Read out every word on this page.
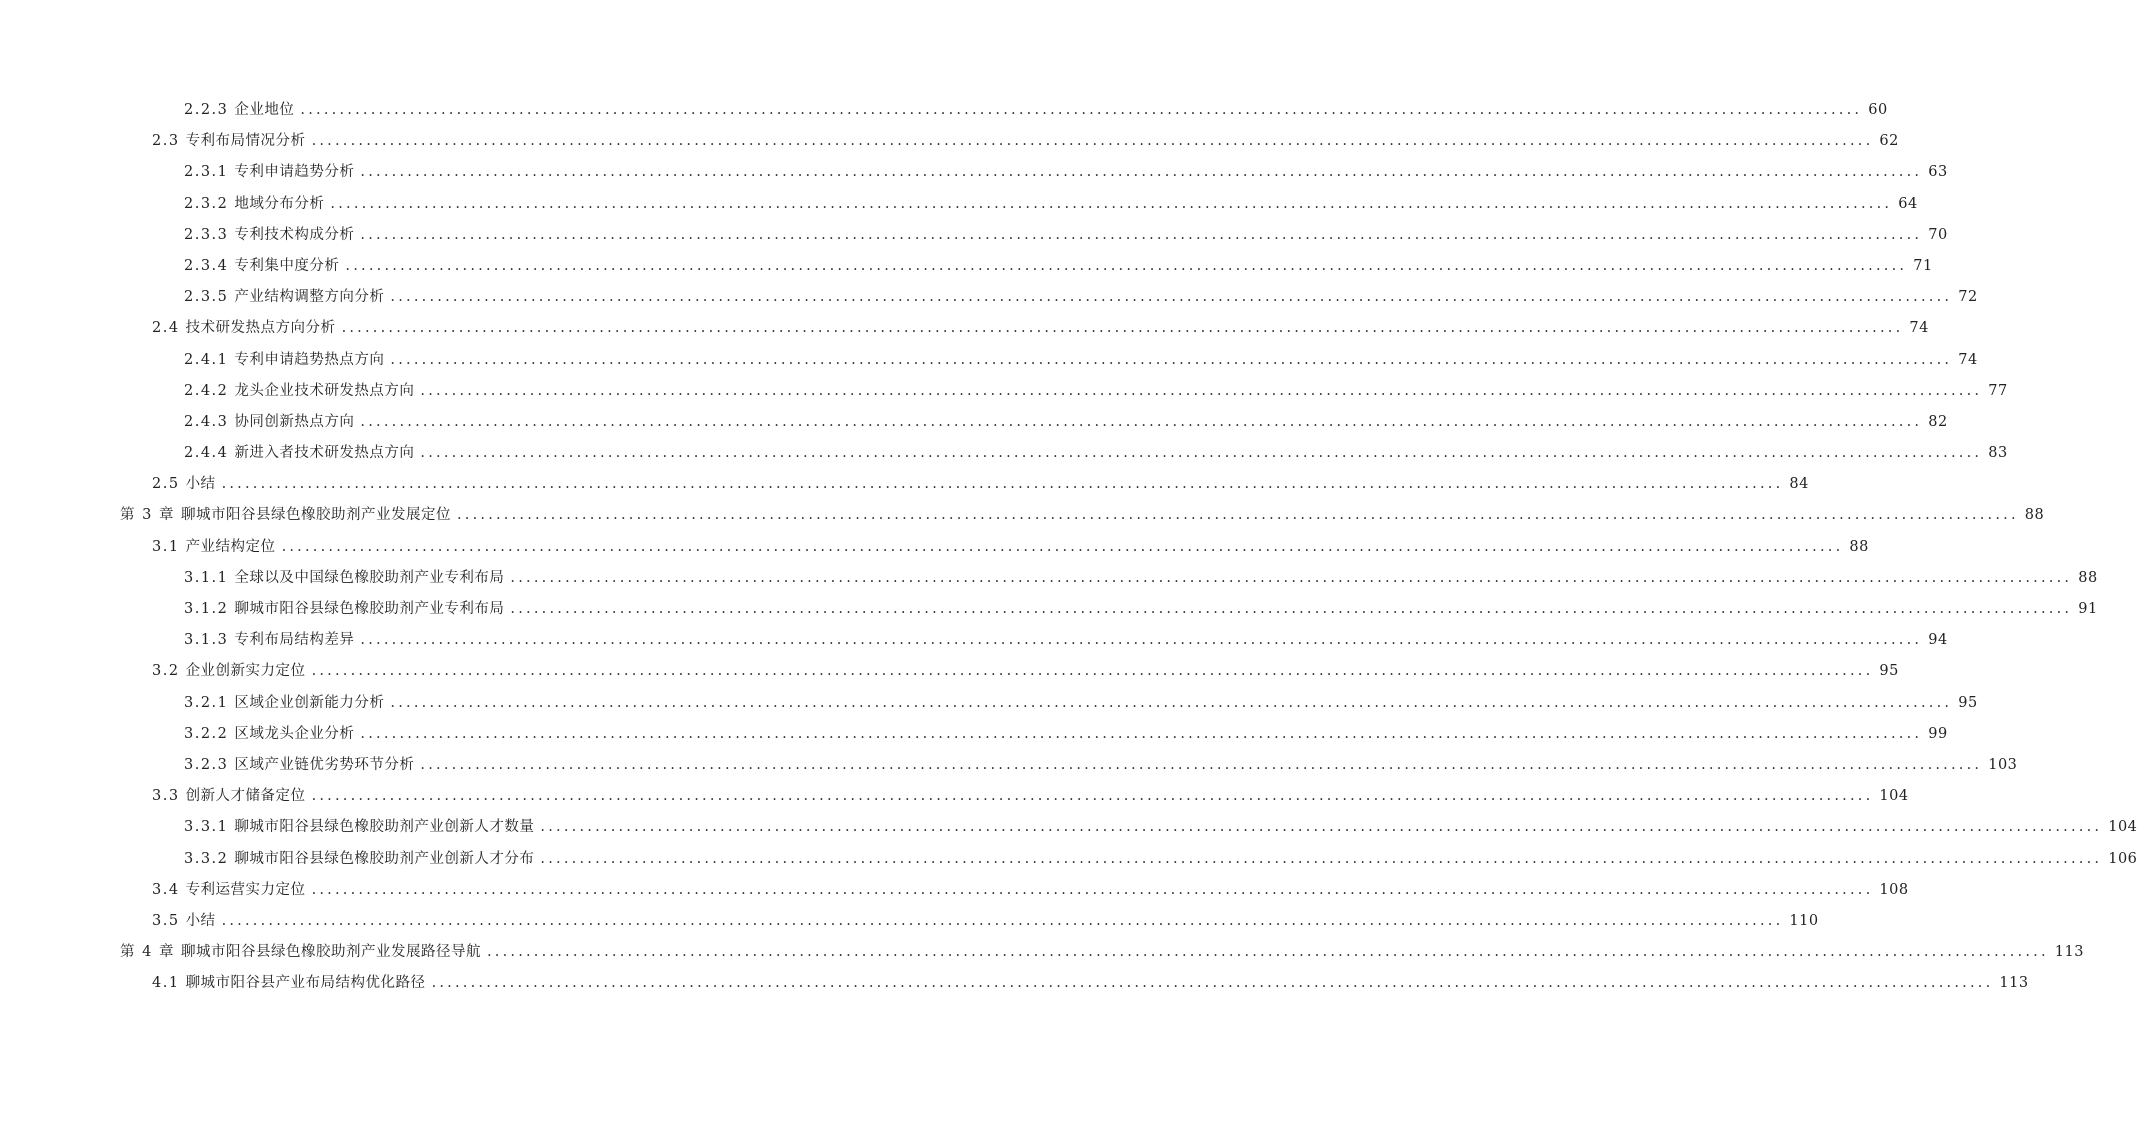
2.2.3 企业地位 ........................................................................................................................................................................................................ 60
2.3 专利布局情况分析 ........................................................................................................................................................................................................ 62
2.3.1 专利申请趋势分析 ........................................................................................................................................................................................................ 63
2.3.2 地域分布分析 ........................................................................................................................................................................................................ 64
2.3.3 专利技术构成分析 ........................................................................................................................................................................................................ 70
2.3.4 专利集中度分析 ........................................................................................................................................................................................................ 71
2.3.5 产业结构调整方向分析 ........................................................................................................................................................................................................ 72
2.4 技术研发热点方向分析 ........................................................................................................................................................................................................ 74
2.4.1 专利申请趋势热点方向 ........................................................................................................................................................................................................ 74
2.4.2 龙头企业技术研发热点方向 ........................................................................................................................................................................................................ 77
2.4.3 协同创新热点方向 ........................................................................................................................................................................................................ 82
2.4.4 新进入者技术研发热点方向 ........................................................................................................................................................................................................ 83
2.5 小结 ........................................................................................................................................................................................................ 84
第 3 章 聊城市阳谷县绿色橡胶助剂产业发展定位 ........................................................................................................................................................................................................ 88
3.1 产业结构定位 ........................................................................................................................................................................................................ 88
3.1.1 全球以及中国绿色橡胶助剂产业专利布局 ........................................................................................................................................................................................................ 88
3.1.2 聊城市阳谷县绿色橡胶助剂产业专利布局 ........................................................................................................................................................................................................ 91
3.1.3 专利布局结构差异 ........................................................................................................................................................................................................ 94
3.2 企业创新实力定位 ........................................................................................................................................................................................................ 95
3.2.1 区域企业创新能力分析 ........................................................................................................................................................................................................ 95
3.2.2 区域龙头企业分析 ........................................................................................................................................................................................................ 99
3.2.3 区域产业链优劣势环节分析 ........................................................................................................................................................................................................ 103
3.3 创新人才储备定位 ........................................................................................................................................................................................................ 104
3.3.1 聊城市阳谷县绿色橡胶助剂产业创新人才数量 ........................................................................................................................................................................................................ 104
3.3.2 聊城市阳谷县绿色橡胶助剂产业创新人才分布 ........................................................................................................................................................................................................ 106
3.4 专利运营实力定位 ........................................................................................................................................................................................................ 108
3.5 小结 ........................................................................................................................................................................................................ 110
第 4 章 聊城市阳谷县绿色橡胶助剂产业发展路径导航 ........................................................................................................................................................................................................ 113
4.1 聊城市阳谷县产业布局结构优化路径 ........................................................................................................................................................................................................ 113
